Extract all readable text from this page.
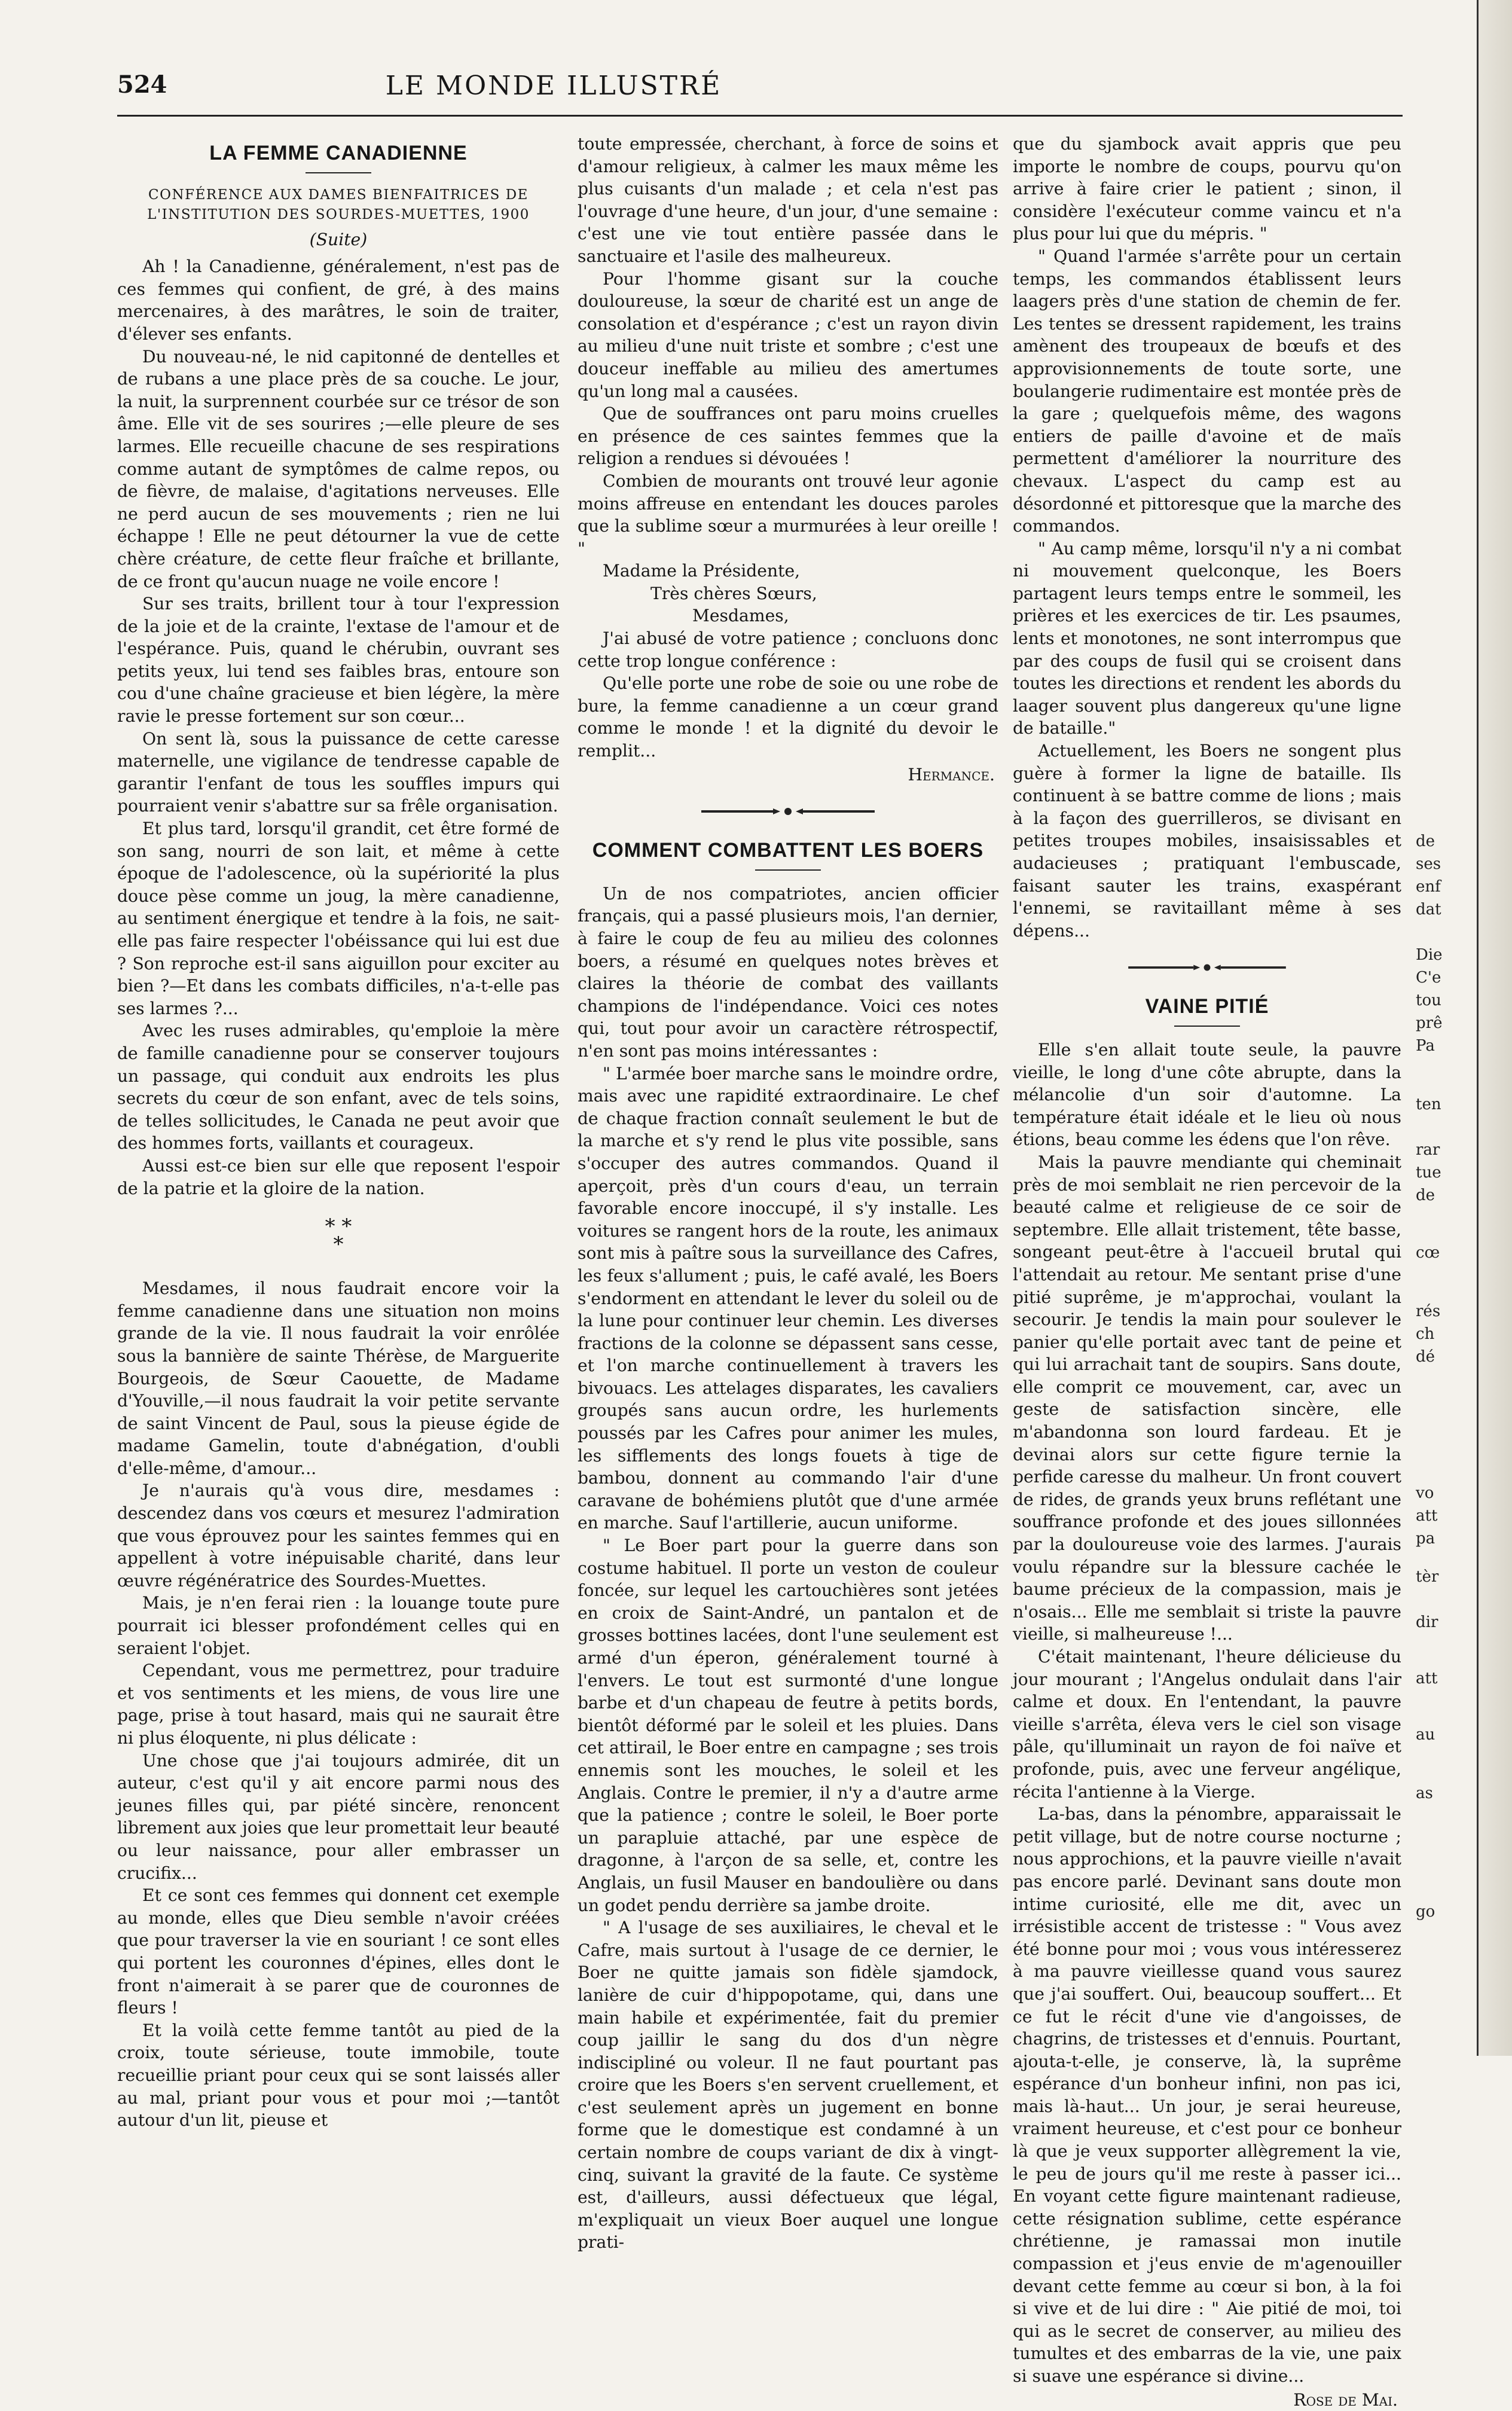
524	LE MONDE ILLUSTRÉ
LA FEMME CANADIENNE
CONFÉRENCE AUX DAMES BIENFAITRICES DE L'INSTITUTION DES SOURDES-MUETTES, 1900
(Suite)

Ah ! la Canadienne, généralement, n'est pas de ces femmes qui confient, de gré, à des mains mercenaires, à des marâtres, le soin de traiter, d'élever ses enfants.

Du nouveau-né, le nid capitonné de dentelles et de rubans a une place près de sa couche. Le jour, la nuit, la surprennent courbée sur ce trésor de son âme. Elle vit de ses sourires ;—elle pleure de ses larmes. Elle recueille chacune de ses respirations comme autant de symptômes de calme repos, ou de fièvre, de malaise, d'agitations nerveuses. Elle ne perd aucun de ses mouvements ; rien ne lui échappe ! Elle ne peut détourner la vue de cette chère créature, de cette fleur fraîche et brillante, de ce front qu'aucun nuage ne voile encore !

Sur ses traits, brillent tour à tour l'expression de la joie et de la crainte, l'extase de l'amour et de l'espérance. Puis, quand le chérubin, ouvrant ses petits yeux, lui tend ses faibles bras, entoure son cou d'une chaîne gracieuse et bien légère, la mère ravie le presse fortement sur son cœur...

On sent là, sous la puissance de cette caresse maternelle, une vigilance de tendresse capable de garantir l'enfant de tous les souffles impurs qui pourraient venir s'abattre sur sa frêle organisation.

Et plus tard, lorsqu'il grandit, cet être formé de son sang, nourri de son lait, et même à cette époque de l'adolescence, où la supériorité la plus douce pèse comme un joug, la mère canadienne, au sentiment énergique et tendre à la fois, ne sait-elle pas faire respecter l'obéissance qui lui est due ? Son reproche est-il sans aiguillon pour exciter au bien ?—Et dans les combats difficiles, n'a-t-elle pas ses larmes ?...

Avec les ruses admirables, qu'emploie la mère de famille canadienne pour se conserver toujours un passage, qui conduit aux endroits les plus secrets du cœur de son enfant, avec de tels soins, de telles sollicitudes, le Canada ne peut avoir que des hommes forts, vaillants et courageux.

Aussi est-ce bien sur elle que reposent l'espoir de la patrie et la gloire de la nation.

* *
*

Mesdames, il nous faudrait encore voir la femme canadienne dans une situation non moins grande de la vie. Il nous faudrait la voir enrôlée sous la bannière de sainte Thérèse, de Marguerite Bourgeois, de Sœur Caouette, de Madame d'Youville,—il nous faudrait la voir petite servante de saint Vincent de Paul, sous la pieuse égide de madame Gamelin, toute d'abnégation, d'oubli d'elle-même, d'amour...

Je n'aurais qu'à vous dire, mesdames : descendez dans vos cœurs et mesurez l'admiration que vous éprouvez pour les saintes femmes qui en appellent à votre inépuisable charité, dans leur œuvre régénératrice des Sourdes-Muettes.

Mais, je n'en ferai rien : la louange toute pure pourrait ici blesser profondément celles qui en seraient l'objet.

Cependant, vous me permettrez, pour traduire et vos sentiments et les miens, de vous lire une page, prise à tout hasard, mais qui ne saurait être ni plus éloquente, ni plus délicate :

Une chose que j'ai toujours admirée, dit un auteur, c'est qu'il y ait encore parmi nous des jeunes filles qui, par piété sincère, renoncent librement aux joies que leur promettait leur beauté ou leur naissance, pour aller embrasser un crucifix...

Et ce sont ces femmes qui donnent cet exemple au monde, elles que Dieu semble n'avoir créées que pour traverser la vie en souriant ! ce sont elles qui portent les couronnes d'épines, elles dont le front n'aimerait à se parer que de couronnes de fleurs !

Et la voilà cette femme tantôt au pied de la croix, toute sérieuse, toute immobile, toute recueillie priant pour ceux qui se sont laissés aller au mal, priant pour vous et pour moi ;—tantôt autour d'un lit, pieuse et

toute empressée, cherchant, à force de soins et d'amour religieux, à calmer les maux même les plus cuisants d'un malade ; et cela n'est pas l'ouvrage d'une heure, d'un jour, d'une semaine : c'est une vie tout entière passée dans le sanctuaire et l'asile des malheureux.

Pour l'homme gisant sur la couche douloureuse, la sœur de charité est un ange de consolation et d'espérance ; c'est un rayon divin au milieu d'une nuit triste et sombre ; c'est une douceur ineffable au milieu des amertumes qu'un long mal a causées.

Que de souffrances ont paru moins cruelles en présence de ces saintes femmes que la religion a rendues si dévouées !

Combien de mourants ont trouvé leur agonie moins affreuse en entendant les douces paroles que la sublime sœur a murmurées à leur oreille ! "

Madame la Présidente,

Très chères Sœurs,

Mesdames,

J'ai abusé de votre patience ; concluons donc cette trop longue conférence :

Qu'elle porte une robe de soie ou une robe de bure, la femme canadienne a un cœur grand comme le monde ! et la dignité du devoir le remplit...

Hermance.
COMMENT COMBATTENT LES BOERS

Un de nos compatriotes, ancien officier français, qui a passé plusieurs mois, l'an dernier, à faire le coup de feu au milieu des colonnes boers, a résumé en quelques notes brèves et claires la théorie de combat des vaillants champions de l'indépendance. Voici ces notes qui, tout pour avoir un caractère rétrospectif, n'en sont pas moins intéressantes :

" L'armée boer marche sans le moindre ordre, mais avec une rapidité extraordinaire. Le chef de chaque fraction connaît seulement le but de la marche et s'y rend le plus vite possible, sans s'occuper des autres commandos. Quand il aperçoit, près d'un cours d'eau, un terrain favorable encore inoccupé, il s'y installe. Les voitures se rangent hors de la route, les animaux sont mis à paître sous la surveillance des Cafres, les feux s'allument ; puis, le café avalé, les Boers s'endorment en attendant le lever du soleil ou de la lune pour continuer leur chemin. Les diverses fractions de la colonne se dépassent sans cesse, et l'on marche continuellement à travers les bivouacs. Les attelages disparates, les cavaliers groupés sans aucun ordre, les hurlements poussés par les Cafres pour animer les mules, les sifflements des longs fouets à tige de bambou, donnent au commando l'air d'une caravane de bohémiens plutôt que d'une armée en marche. Sauf l'artillerie, aucun uniforme.

" Le Boer part pour la guerre dans son costume habituel. Il porte un veston de couleur foncée, sur lequel les cartouchières sont jetées en croix de Saint-André, un pantalon et de grosses bottines lacées, dont l'une seulement est armé d'un éperon, généralement tourné à l'envers. Le tout est surmonté d'une longue barbe et d'un chapeau de feutre à petits bords, bientôt déformé par le soleil et les pluies. Dans cet attirail, le Boer entre en campagne ; ses trois ennemis sont les mouches, le soleil et les Anglais. Contre le premier, il n'y a d'autre arme que la patience ; contre le soleil, le Boer porte un parapluie attaché, par une espèce de dragonne, à l'arçon de sa selle, et, contre les Anglais, un fusil Mauser en bandoulière ou dans un godet pendu derrière sa jambe droite.

" A l'usage de ses auxiliaires, le cheval et le Cafre, mais surtout à l'usage de ce dernier, le Boer ne quitte jamais son fidèle sjamdock, lanière de cuir d'hippopotame, qui, dans une main habile et expérimentée, fait du premier coup jaillir le sang du dos d'un nègre indiscipliné ou voleur. Il ne faut pourtant pas croire que les Boers s'en servent cruellement, et c'est seulement après un jugement en bonne forme que le domestique est condamné à un certain nombre de coups variant de dix à vingt-cinq, suivant la gravité de la faute. Ce système est, d'ailleurs, aussi défectueux que légal, m'expliquait un vieux Boer auquel une longue prati-

que du sjambock avait appris que peu importe le nombre de coups, pourvu qu'on arrive à faire crier le patient ; sinon, il considère l'exécuteur comme vaincu et n'a plus pour lui que du mépris. "

" Quand l'armée s'arrête pour un certain temps, les commandos établissent leurs laagers près d'une station de chemin de fer. Les tentes se dressent rapidement, les trains amènent des troupeaux de bœufs et des approvisionnements de toute sorte, une boulangerie rudimentaire est montée près de la gare ; quelquefois même, des wagons entiers de paille d'avoine et de maïs permettent d'améliorer la nourriture des chevaux. L'aspect du camp est au désordonné et pittoresque que la marche des commandos.

" Au camp même, lorsqu'il n'y a ni combat ni mouvement quelconque, les Boers partagent leurs temps entre le sommeil, les prières et les exercices de tir. Les psaumes, lents et monotones, ne sont interrompus que par des coups de fusil qui se croisent dans toutes les directions et rendent les abords du laager souvent plus dangereux qu'une ligne de bataille."

Actuellement, les Boers ne songent plus guère à former la ligne de bataille. Ils continuent à se battre comme de lions ; mais à la façon des guerrilleros, se divisant en petites troupes mobiles, insaisissables et audacieuses ; pratiquant l'embuscade, faisant sauter les trains, exaspérant l'ennemi, se ravitaillant même à ses dépens...

VAINE PITIÉ

Elle s'en allait toute seule, la pauvre vieille, le long d'une côte abrupte, dans la mélancolie d'un soir d'automne. La température était idéale et le lieu où nous étions, beau comme les édens que l'on rêve.

Mais la pauvre mendiante qui cheminait près de moi semblait ne rien percevoir de la beauté calme et religieuse de ce soir de septembre. Elle allait tristement, tête basse, songeant peut-être à l'accueil brutal qui l'attendait au retour. Me sentant prise d'une pitié suprême, je m'approchai, voulant la secourir. Je tendis la main pour soulever le panier qu'elle portait avec tant de peine et qui lui arrachait tant de soupirs. Sans doute, elle comprit ce mouvement, car, avec un geste de satisfaction sincère, elle m'abandonna son lourd fardeau. Et je devinai alors sur cette figure ternie la perfide caresse du malheur. Un front couvert de rides, de grands yeux bruns reflétant une souffrance profonde et des joues sillonnées par la douloureuse voie des larmes. J'aurais voulu répandre sur la blessure cachée le baume précieux de la compassion, mais je n'osais... Elle me semblait si triste la pauvre vieille, si malheureuse !...

C'était maintenant, l'heure délicieuse du jour mourant ; l'Angelus ondulait dans l'air calme et doux. En l'entendant, la pauvre vieille s'arrêta, éleva vers le ciel son visage pâle, qu'illuminait un rayon de foi naïve et profonde, puis, avec une ferveur angélique, récita l'antienne à la Vierge.

La-bas, dans la pénombre, apparaissait le petit village, but de notre course nocturne ; nous approchions, et la pauvre vieille n'avait pas encore parlé. Devinant sans doute mon intime curiosité, elle me dit, avec un irrésistible accent de tristesse : " Vous avez été bonne pour moi ; vous vous intéresserez à ma pauvre vieillesse quand vous saurez que j'ai souffert. Oui, beaucoup souffert... Et ce fut le récit d'une vie d'angoisses, de chagrins, de tristesses et d'ennuis. Pourtant, ajouta-t-elle, je conserve, là, la suprême espérance d'un bonheur infini, non pas ici, mais là-haut... Un jour, je serai heureuse, vraiment heureuse, et c'est pour ce bonheur là que je veux supporter allègrement la vie, le peu de jours qu'il me reste à passer ici... En voyant cette figure maintenant radieuse, cette résignation sublime, cette espérance chrétienne, je ramassai mon inutile compassion et j'eus envie de m'agenouiller devant cette femme au cœur si bon, à la foi si vive et de lui dire : " Aie pitié de moi, toi qui as le secret de conserver, au milieu des tumultes et des embarras de la vie, une paix si suave une espérance si divine...

Rose de Mai.
de
ses
enf
dat
Die
C'e
tou
prê
Pa
ten
rar
tue
de
cœ
rés
ch
dé
vo
att
pa
tèr
dir
att
au
as
go
